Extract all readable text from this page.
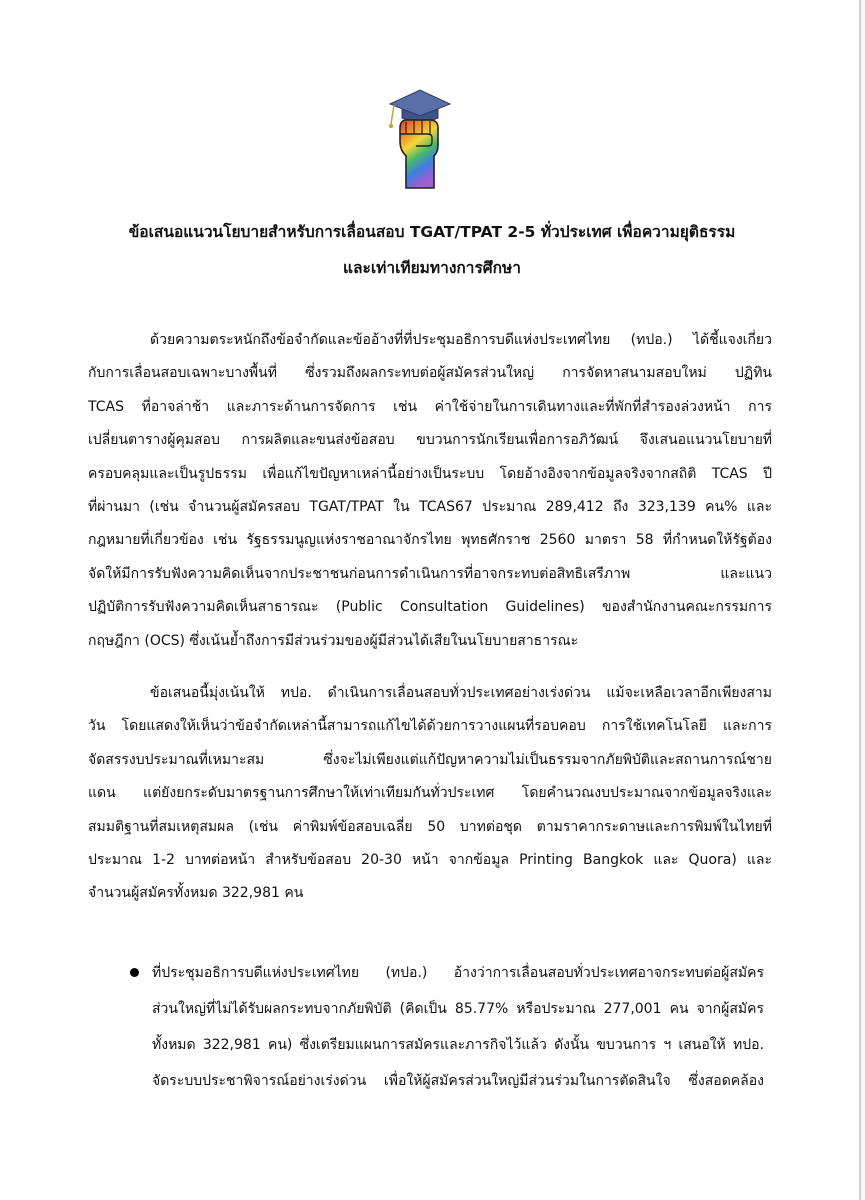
ข้อเสนอแนวนโยบายสำหรับการเลื่อนสอบ TGAT/TPAT 2-5 ทั่วประเทศ เพื่อความยุติธรรม
และเท่าเทียมทางการศึกษา
ด้วยความตระหนักถึงข้อจำกัดและข้ออ้างที่ที่ประชุมอธิการบดีแห่งประเทศไทย (ทปอ.) ได้ชี้แจงเกี่ยว
กับการเลื่อนสอบเฉพาะบางพื้นที่ ซึ่งรวมถึงผลกระทบต่อผู้สมัครส่วนใหญ่ การจัดหาสนามสอบใหม่ ปฏิทิน
TCAS ที่อาจล่าช้า และภาระด้านการจัดการ เช่น ค่าใช้จ่ายในการเดินทางและที่พักที่สำรองล่วงหน้า การ
เปลี่ยนตารางผู้คุมสอบ การผลิตและขนส่งข้อสอบ ขบวนการนักเรียนเพื่อการอภิวัฒน์ จึงเสนอแนวนโยบายที่
ครอบคลุมและเป็นรูปธรรม เพื่อแก้ไขปัญหาเหล่านี้อย่างเป็นระบบ โดยอ้างอิงจากข้อมูลจริงจากสถิติ TCAS ปี
ที่ผ่านมา (เช่น จำนวนผู้สมัครสอบ TGAT/TPAT ใน TCAS67 ประมาณ 289,412 ถึง 323,139 คน% และ
กฎหมายที่เกี่ยวข้อง เช่น รัฐธรรมนูญแห่งราชอาณาจักรไทย พุทธศักราช 2560 มาตรา 58 ที่กำหนดให้รัฐต้อง
จัดให้มีการรับฟังความคิดเห็นจากประชาชนก่อนการดำเนินการที่อาจกระทบต่อสิทธิเสรีภาพ และแนว
ปฏิบัติการรับฟังความคิดเห็นสาธารณะ (Public Consultation Guidelines) ของสำนักงานคณะกรรมการ
กฤษฎีกา (OCS) ซึ่งเน้นย้ำถึงการมีส่วนร่วมของผู้มีส่วนได้เสียในนโยบายสาธารณะ
ข้อเสนอนี้มุ่งเน้นให้ ทปอ. ดำเนินการเลื่อนสอบทั่วประเทศอย่างเร่งด่วน แม้จะเหลือเวลาอีกเพียงสาม
วัน โดยแสดงให้เห็นว่าข้อจำกัดเหล่านี้สามารถแก้ไขได้ด้วยการวางแผนที่รอบคอบ การใช้เทคโนโลยี และการ
จัดสรรงบประมาณที่เหมาะสม ซึ่งจะไม่เพียงแต่แก้ปัญหาความไม่เป็นธรรมจากภัยพิบัติและสถานการณ์ชาย
แดน แต่ยังยกระดับมาตรฐานการศึกษาให้เท่าเทียมกันทั่วประเทศ โดยคำนวณงบประมาณจากข้อมูลจริงและ
สมมติฐานที่สมเหตุสมผล (เช่น ค่าพิมพ์ข้อสอบเฉลี่ย 50 บาทต่อชุด ตามราคากระดาษและการพิมพ์ในไทยที่
ประมาณ 1-2 บาทต่อหน้า สำหรับข้อสอบ 20-30 หน้า จากข้อมูล Printing Bangkok และ Quora) และ
จำนวนผู้สมัครทั้งหมด 322,981 คน
ที่ประชุมอธิการบดีแห่งประเทศไทย (ทปอ.) อ้างว่าการเลื่อนสอบทั่วประเทศอาจกระทบต่อผู้สมัคร
ส่วนใหญ่ที่ไม่ได้รับผลกระทบจากภัยพิบัติ (คิดเป็น 85.77% หรือประมาณ 277,001 คน จากผู้สมัคร
ทั้งหมด 322,981 คน) ซึ่งเตรียมแผนการสมัครและภารกิจไว้แล้ว ดังนั้น ขบวนการ ฯ เสนอให้ ทปอ.
จัดระบบประชาพิจารณ์อย่างเร่งด่วน เพื่อให้ผู้สมัครส่วนใหญ่มีส่วนร่วมในการตัดสินใจ ซึ่งสอดคล้อง
